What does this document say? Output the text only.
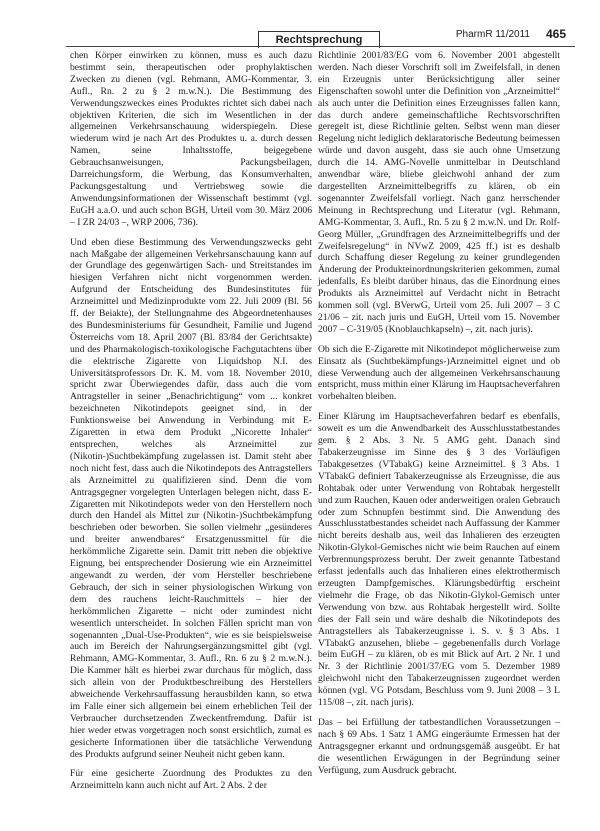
Rechtsprechung	PharmR 11/2011 465

chen Körper einwirken zu können, muss es auch dazu bestimmt sein, therapeutischen oder prophylaktischen Zwecken zu dienen (vgl. Rehmann, AMG-Kommentar, 3. Aufl., Rn. 2 zu § 2 m.w.N.). Die Bestimmung des Verwendungszweckes eines Produktes richtet sich dabei nach objektiven Kriterien, die sich im Wesentlichen in der allgemeinen Verkehrsanschauung widerspiegeln. Diese wiederum wird je nach Art des Produktes u. a. durch dessen Namen, seine Inhaltsstoffe, beigegebene Gebrauchsanweisungen, Packungsbeilagen, Darreichungsform, die Werbung, das Konsumverhalten, Packungsgestaltung und Vertriebsweg sowie die Anwendungsinformationen der Wissenschaft bestimmt (vgl. EuGH a.a.O. und auch schon BGH, Urteil vom 30. März 2006 – I ZR 24/03 –, WRP 2006, 736).

Und eben diese Bestimmung des Verwendungszwecks geht nach Maßgabe der allgemeinen Verkehrsanschauung kann auf der Grundlage des gegenwärtigen Sach- und Streitstandes im hiesigen Verfahren nicht nicht vorgenommen werden. Aufgrund der Entscheidung des Bundesinstitutes für Arzneimittel und Medizinprodukte vom 22. Juli 2009 (Bl. 56 ff. der Beiakte), der Stellungnahme des Abgeordnetenhauses des Bundesministeriums für Gesundheit, Familie und Jugend Österreichs vom 18. April 2007 (Bl. 83/84 der Gerichtsakte) und des Pharmakologisch-toxikologische Fachgutachtens über die elektrische Zigarette von Liquidshop N.I. des Universitätsprofessors Dr. K. M. vom 18. November 2010, spricht zwar Überwiegendes dafür, dass auch die vom Antragsteller in seiner „Benachrichtigung“ vom ... konkret bezeichneten Nikotindepots geeignet sind, in der Funktionsweise bei Anwendung in Verbindung mit E-Zigaretten in etwa dem Produkt „Nicorette Inhaler“ entsprechen, welches als Arzneimittel zur (Nikotin-)Suchtbekämpfung zugelassen ist. Damit steht aber noch nicht fest, dass auch die Nikotindepots des Antragstellers als Arzneimittel zu qualifizieren sind. Denn die vom Antragsgegner vorgelegten Unterlagen belegen nicht, dass E-Zigaretten mit Nikotindepots weder von den Herstellern noch durch den Handel als Mittel zur (Nikotin-)Suchtbekämpfung beschrieben oder beworben. Sie sollen vielmehr „gesünderes und breiter anwendbares“ Ersatzgenussmittel für die herkömmliche Zigarette sein. Damit tritt neben die objektive Eignung, bei entsprechender Dosierung wie ein Arzneimittel angewandt zu werden, der vom Hersteller beschriebene Gebrauch, der sich in seiner physiologischen Wirkung von dem des rauchens leicht-Rauchmittels – hier der herkömmlichen Zigarette – nicht oder zumindest nicht wesentlich unterscheidet. In solchen Fällen spricht man von sogenannten „Dual-Use-Produkten“, wie es sie beispielsweise auch im Bereich der Nahrungsergänzungsmittel gibt (vgl. Rehmann, AMG-Kommentar, 3. Aufl., Rn. 6 zu § 2 m.w.N.). Die Kammer hält es hierbei zwar durchaus für möglich, dass sich allein von der Produktbeschreibung des Herstellers abweichende Verkehrsauffassung herausbilden kann, so etwa im Falle einer sich allgemein bei einem erheblichen Teil der Verbraucher durchsetzenden Zweckentfremdung. Dafür ist hier weder etwas vorgetragen noch sonst ersichtlich, zumal es gesicherte Informationen über die tatsächliche Verwendung des Produkts aufgrund seiner Neuheit nicht geben kann.

Für eine gesicherte Zuordnung des Produktes zu den Arzneimitteln kann auch nicht auf Art. 2 Abs. 2 der

Richtlinie 2001/83/EG vom 6. November 2001 abgestellt werden. Nach dieser Vorschrift soll im Zweifelsfall, in denen ein Erzeugnis unter Berücksichtigung aller seiner Eigenschaften sowohl unter die Definition von „Arzneimittel“ als auch unter die Definition eines Erzeugnisses fallen kann, das durch andere gemeinschaftliche Rechtsvorschriften geregelt ist, diese Richtlinie gelten. Selbst wenn man dieser Regelung nicht lediglich deklaratorische Bedeutung beimessen würde und davon ausgeht, dass sie auch ohne Umsetzung durch die 14. AMG-Novelle unmittelbar in Deutschland anwendbar wäre, bliebe gleichwohl anhand der zum dargestellten Arzneimittelbegriffs zu klären, ob ein sogenannter Zweifelsfall vorliegt. Nach ganz herrschender Meinung in Rechtsprechung und Literatur (vgl. Rehmann, AMG-Kommentar, 3. Aufl., Rn. 5 zu § 2 m.w.N. und Dr. Rolf-Georg Müller, „Grundfragen des Arzneimittelbegriffs und der Zweifelsregelung“ in NVwZ 2009, 425 ff.) ist es deshalb durch Schaffung dieser Regelung zu keiner grundlegenden Änderung der Produkteinordnungskriterien gekommen, zumal jedenfalls, Es bleibt darüber hinaus, das die Einordnung eines Produkts als Arzneimittel auf Verdacht nicht in Betracht kommen soll (vgl. BVerwG, Urteil vom 25. Juli 2007 – 3 C 21/06 – zit. nach juris und EuGH, Urteil vom 15. November 2007 – C-319/05 (Knoblauchkapseln) –, zit. nach juris).

Ob sich die E-Zigarette mit Nikotindepot möglicherweise zum Einsatz als (Suchtbekämpfungs-)Arzneimittel eignet und ob diese Verwendung auch der allgemeinen Verkehrsanschauung entspricht, muss mithin einer Klärung im Hauptsacheverfahren vorbehalten bleiben.

Einer Klärung im Hauptsacheverfahren bedarf es ebenfalls, soweit es um die Anwendbarkeit des Ausschlusstatbestandes gem. § 2 Abs. 3 Nr. 5 AMG geht. Danach sind Tabakerzeugnisse im Sinne des § 3 des Vorläufigen Tabakgesetzes (VTabakG) keine Arzneimittel. § 3 Abs. 1 VTabakG definiert Tabakerzeugnisse als Erzeugnisse, die aus Rohtabak oder unter Verwendung von Rohtabak hergestellt und zum Rauchen, Kauen oder anderweitigen oralen Gebrauch oder zum Schnupfen bestimmt sind. Die Anwendung des Ausschlusstatbestandes scheidet nach Auffassung der Kammer nicht bereits deshalb aus, weil das Inhalieren des erzeugten Nikotin-Glykol-Gemisches nicht wie beim Rauchen auf einem Verbrennungsprozess beruht. Der zweit genannte Tatbestand erfasst jedenfalls auch das Inhalieren eines elektrothermisch erzeugten Dampfgemisches. Klärungsbedürftig erscheint vielmehr die Frage, ob das Nikotin-Glykol-Gemisch unter Verwendung von bzw. aus Rohtabak hergestellt wird. Sollte dies der Fall sein und wäre deshalb die Nikotindepots des Antragstellers als Tabakerzeugnisse i. S. v. § 3 Abs. 1 VTabakG anzusehen, bliebe – gegebenenfalls durch Vorlage beim EuGH – zu klären, ob es mit Blick auf Art. 2 Nr. 1 und Nr. 3 der Richtlinie 2001/37/EG vom 5. Dezember 1989 gleichwohl nicht den Tabakerzeugnissen zugeordnet werden können (vgl. VG Potsdam, Beschluss vom 9. Juni 2008 – 3 L 115/08 –, zit. nach juris).

Das – bei Erfüllung der tatbestandlichen Voraussetzungen – nach § 69 Abs. 1 Satz 1 AMG eingeräumte Ermessen hat der Antragsgegner erkannt und ordnungsgemäß ausgeübt. Er hat die wesentlichen Erwägungen in der Begründung seiner Verfügung, zum Ausdruck gebracht.
